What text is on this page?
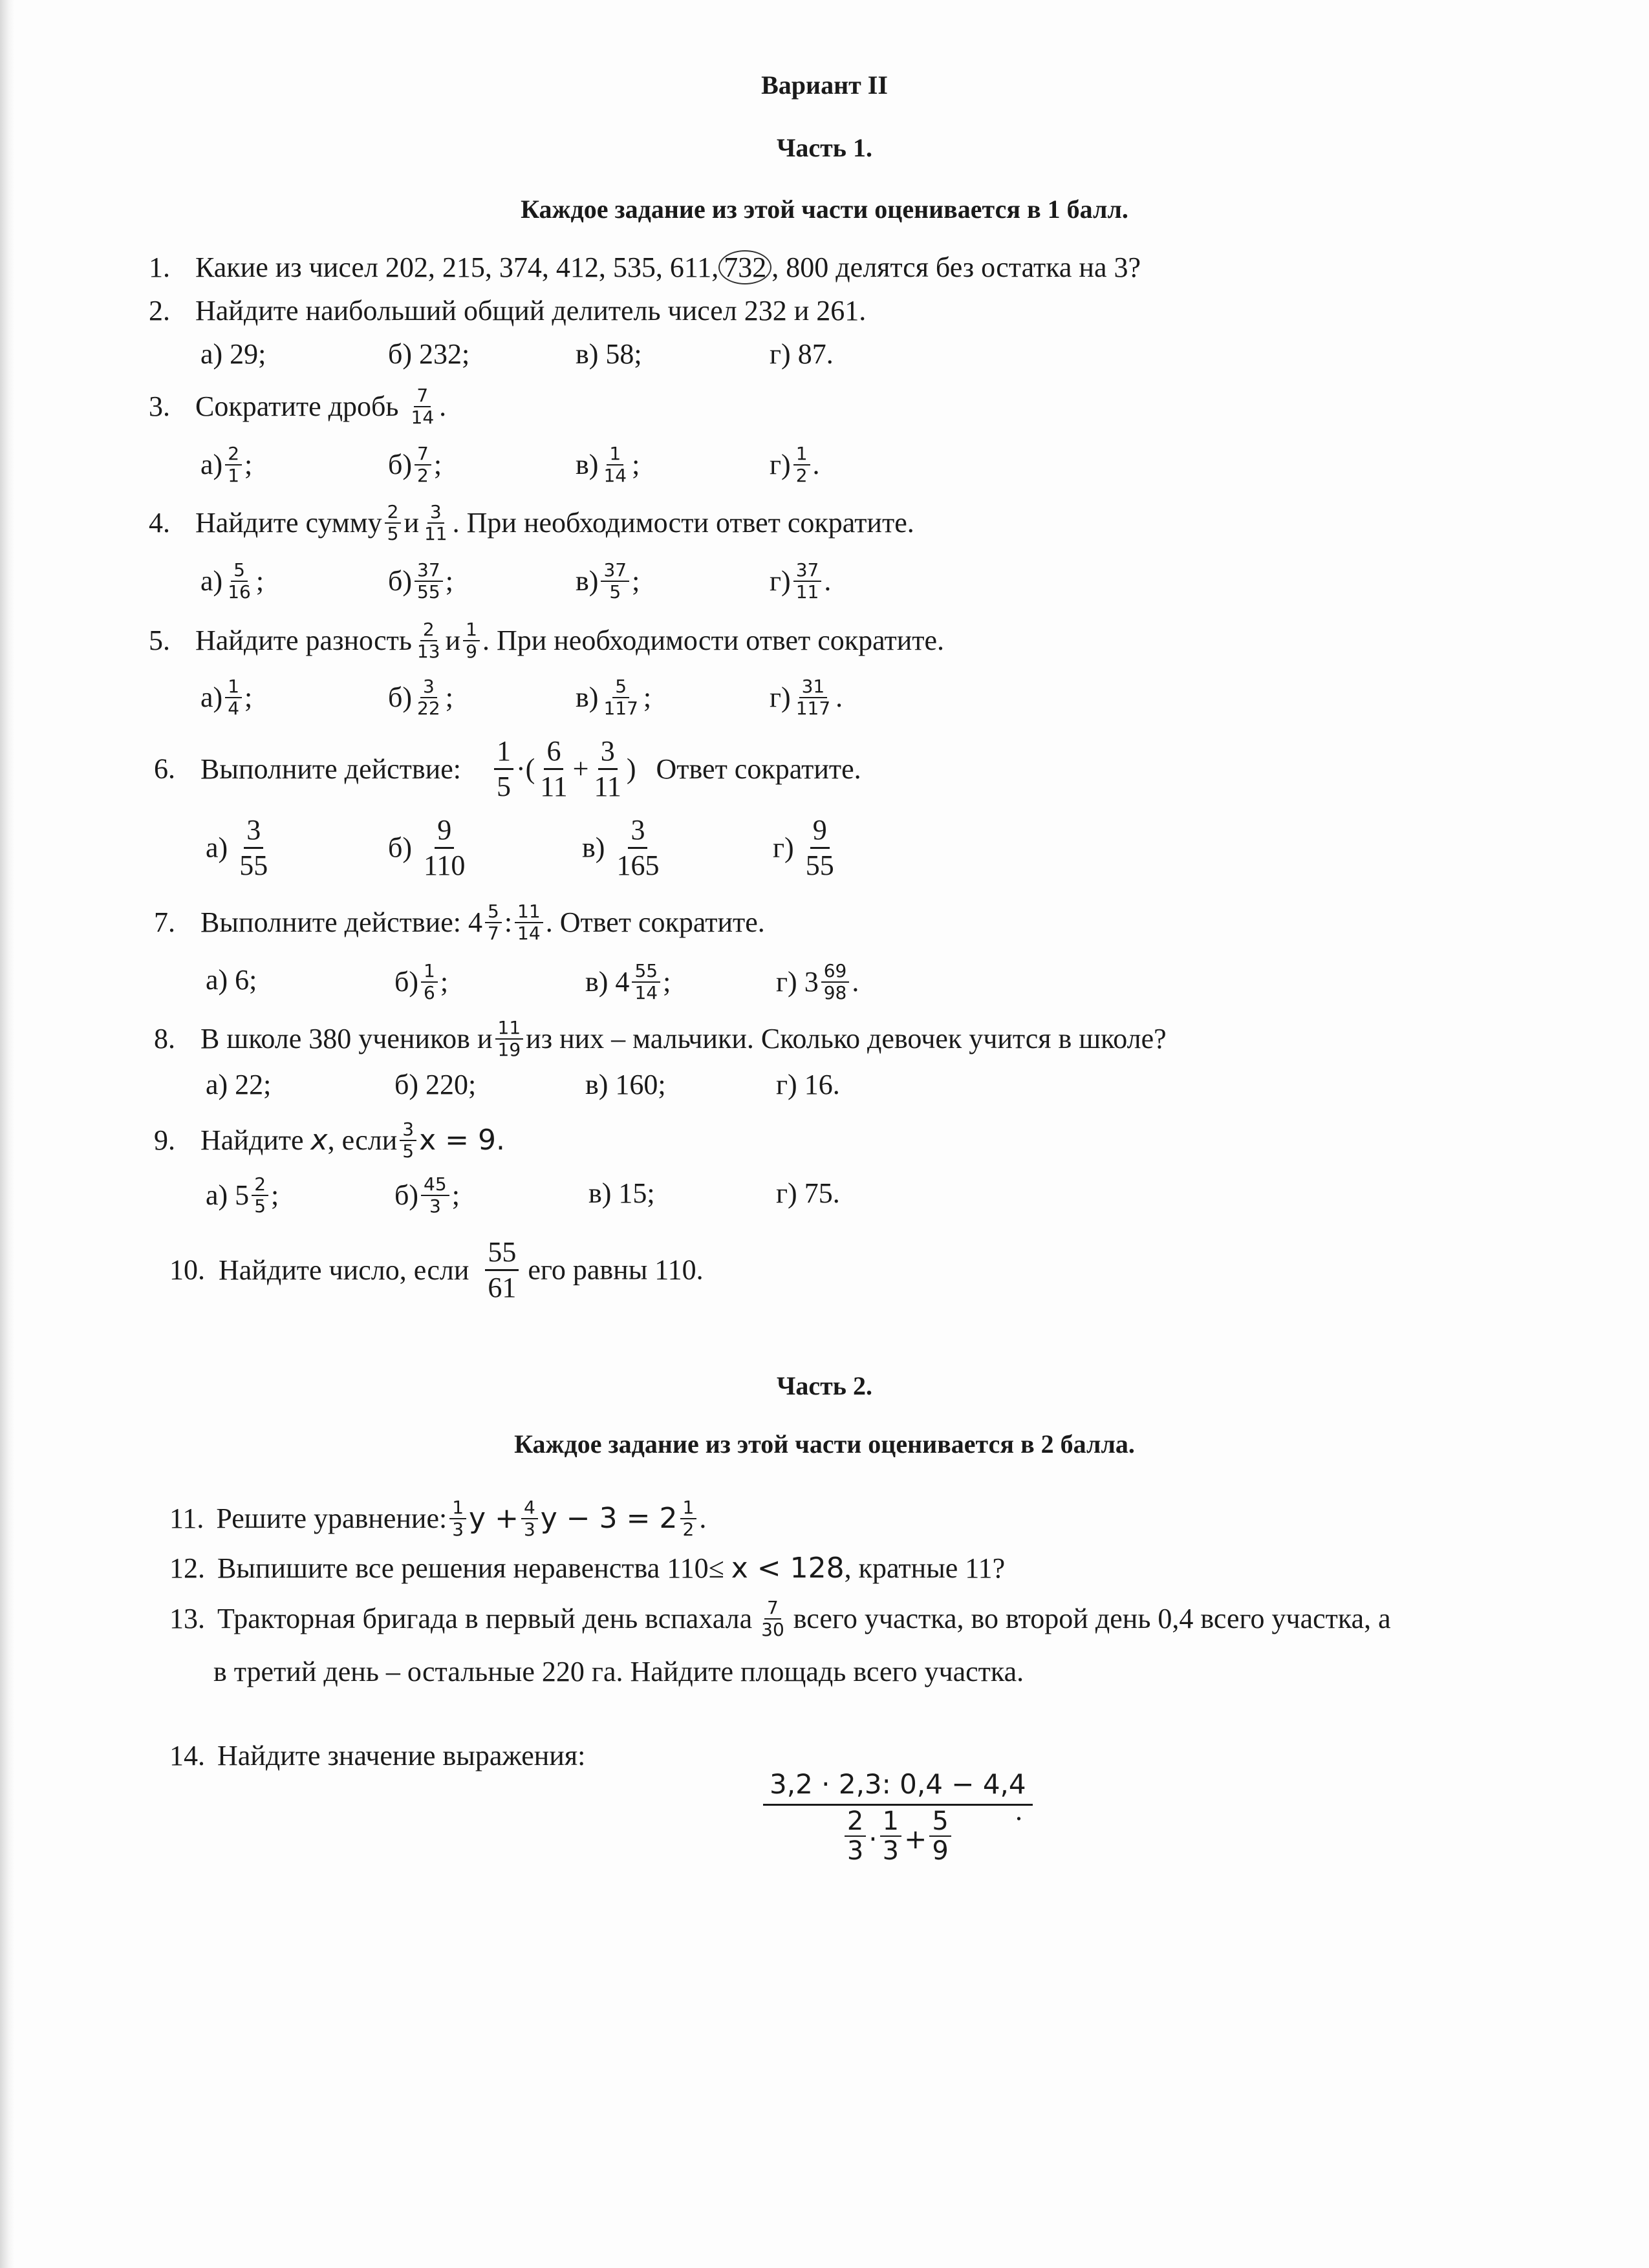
Вариант II
Часть 1.
Каждое задание из этой части оценивается в 1 балл.
1. Какие из чисел 202, 215, 374, 412, 535, 611, 732 , 800 делятся без остатка на 3?
2. Найдите наибольший общий делитель чисел 232 и 261.
а) 29;	б) 232;	в) 58;	г) 87.
3. Сократите дробь $\frac{7}{14}$ .
$а) \frac{2}{1}$ ;	$б) \frac{7}{2}$ ;	$в) \frac{1}{14}$ ;	$г) \frac{1}{2}$ .
4. Найдите сумму $\frac{2}{5}$ и $\frac{3}{11}$ . При необходимости ответ сократите.
$а) \frac{5}{16}$ ;	$б) \frac{37}{55}$ ;	$в) \frac{37}{5}$ ;	$г) \frac{37}{11}$ .
5. Найдите разность $\frac{2}{13}$ и $\frac{1}{9}$ . При необходимости ответ сократите.
$а) \frac{1}{4}$ ;	$б) \frac{3}{22}$ ;	$в) \frac{5}{117}$ ;	$г) \frac{31}{117}$ .
6. Выполните действие: $\frac{1}{5}$ ·( $\frac{6}{11} + \frac{3}{11}$ ) Ответ сократите.
$а) \frac{3}{55}$	$б) \frac{9}{110}$	$в) \frac{3}{165}$	$г) \frac{9}{55}$
7. Выполните действие: $4 \frac{5}{7}$ : $\frac{11}{14}$ . Ответ сократите.
а) 6;	$б) \frac{1}{6}$ ;	в) $4 \frac{55}{14}$ ;	г) $3 \frac{69}{98}$ .
8. В школе 380 учеников и $\frac{11}{19}$ из них – мальчики. Сколько девочек учится в школе?
а) 22;	б) 220;	в) 160;	г) 16.
9. Найдите x, если $\frac{3}{5}$ x = 9.
а) $5 \frac{2}{5}$ ;	$б) \frac{45}{3}$ ;	в) 15;	г) 75.
10. Найдите число, если $\frac{55}{61}$ его равны 110.
Часть 2.
Каждое задание из этой части оценивается в 2 балла.
11. Решите уравнение: $\frac{1}{3}$ $y + \frac{4}{3}$ $y - 3 = 2 \frac{1}{2}$ .
12. Выпишите все решения неравенства 110≤ x < 128, кратные 11?
13. Тракторная бригада в первый день вспахала $\frac{7}{30}$ всего участка, во второй день 0,4 всего участка, а
в третий день – остальные 220 га. Найдите площадь всего участка.
14. Найдите значение выражения:
3,2 · 2,3: 0,4 − 4,4
2
3 ·
1
$3 + \frac{5}{9}$
.
